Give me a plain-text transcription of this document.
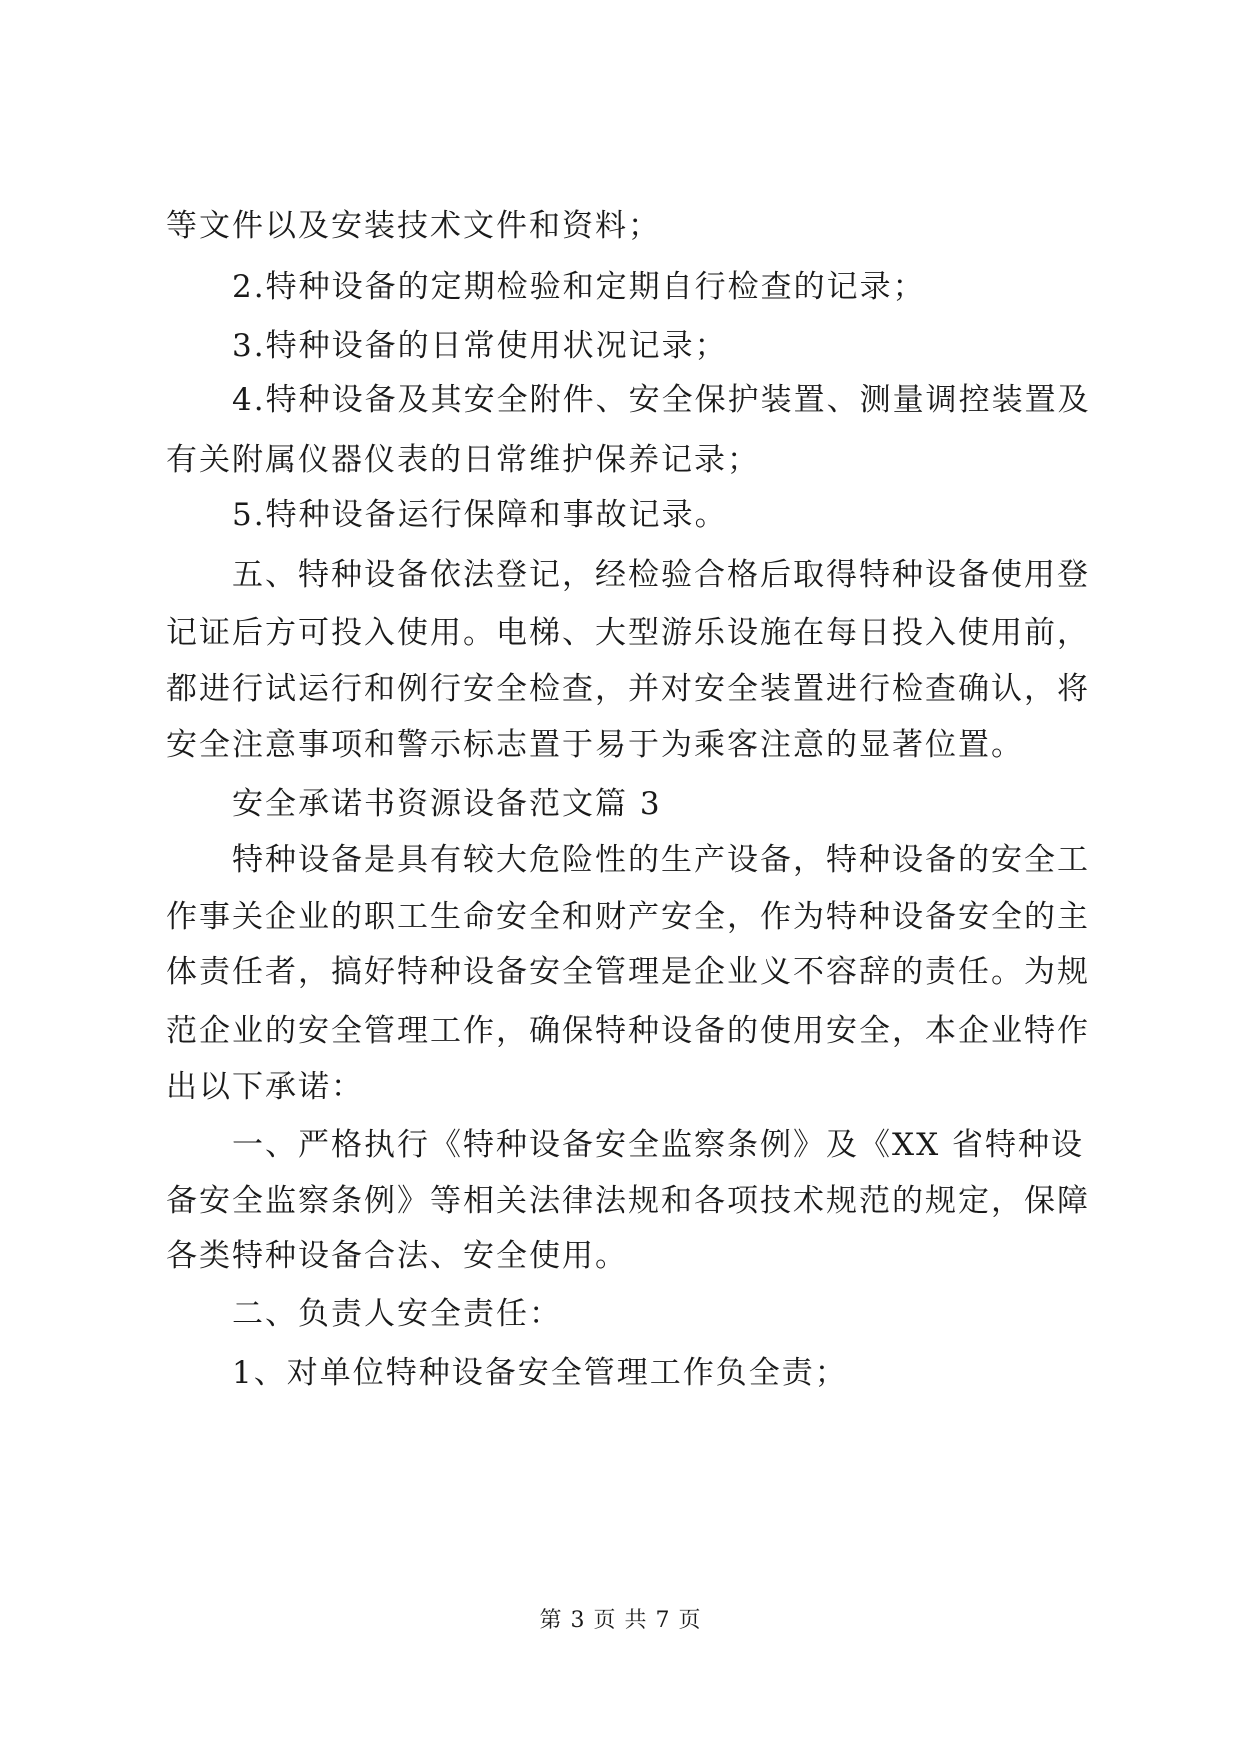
等文件以及安装技术文件和资料；
2.特种设备的定期检验和定期自行检查的记录；
3.特种设备的日常使用状况记录；
4.特种设备及其安全附件、安全保护装置、测量调控装置及
有关附属仪器仪表的日常维护保养记录；
5.特种设备运行保障和事故记录。
五、特种设备依法登记，经检验合格后取得特种设备使用登
记证后方可投入使用。电梯、大型游乐设施在每日投入使用前，
都进行试运行和例行安全检查，并对安全装置进行检查确认，将
安全注意事项和警示标志置于易于为乘客注意的显著位置。
安全承诺书资源设备范文篇 3
特种设备是具有较大危险性的生产设备，特种设备的安全工
作事关企业的职工生命安全和财产安全，作为特种设备安全的主
体责任者，搞好特种设备安全管理是企业义不容辞的责任。为规
范企业的安全管理工作，确保特种设备的使用安全，本企业特作
出以下承诺：
一、严格执行《特种设备安全监察条例》及《XX 省特种设
备安全监察条例》等相关法律法规和各项技术规范的规定，保障
各类特种设备合法、安全使用。
二、负责人安全责任：
1、对单位特种设备安全管理工作负全责；
第 3 页 共 7 页
